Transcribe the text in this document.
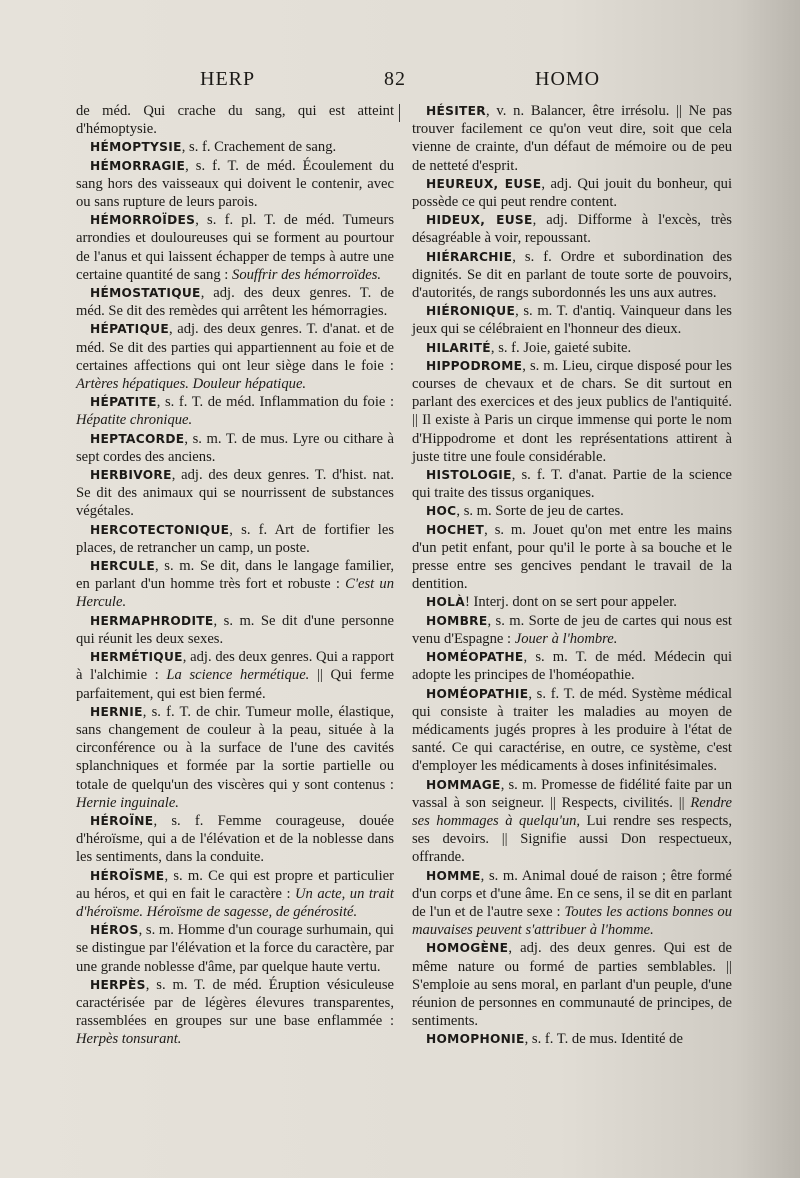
HERP	82	HOMO

de méd. Qui crache du sang, qui est atteint d'hémoptysie.

HÉMOPTYSIE, s. f. Crachement de sang.

HÉMORRAGIE, s. f. T. de méd. Écoulement du sang hors des vaisseaux qui doivent le contenir, avec ou sans rupture de leurs parois.

HÉMORROÏDES, s. f. pl. T. de méd. Tumeurs arrondies et douloureuses qui se forment au pourtour de l'anus et qui laissent échapper de temps à autre une certaine quantité de sang : Souffrir des hémorroïdes.

HÉMOSTATIQUE, adj. des deux genres. T. de méd. Se dit des remèdes qui arrêtent les hémorragies.

HÉPATIQUE, adj. des deux genres. T. d'anat. et de méd. Se dit des parties qui appartiennent au foie et de certaines affections qui ont leur siège dans le foie : Artères hépatiques. Douleur hépatique.

HÉPATITE, s. f. T. de méd. Inflammation du foie : Hépatite chronique.

HEPTACORDE, s. m. T. de mus. Lyre ou cithare à sept cordes des anciens.

HERBIVORE, adj. des deux genres. T. d'hist. nat. Se dit des animaux qui se nourrissent de substances végétales.

HERCOTECTONIQUE, s. f. Art de fortifier les places, de retrancher un camp, un poste.

HERCULE, s. m. Se dit, dans le langage familier, en parlant d'un homme très fort et robuste : C'est un Hercule.

HERMAPHRODITE, s. m. Se dit d'une personne qui réunit les deux sexes.

HERMÉTIQUE, adj. des deux genres. Qui a rapport à l'alchimie : La science hermétique. || Qui ferme parfaitement, qui est bien fermé.

HERNIE, s. f. T. de chir. Tumeur molle, élastique, sans changement de couleur à la peau, située à la circonférence ou à la surface de l'une des cavités splanchniques et formée par la sortie partielle ou totale de quelqu'un des viscères qui y sont contenus : Hernie inguinale.

HÉROÏNE, s. f. Femme courageuse, douée d'héroïsme, qui a de l'élévation et de la noblesse dans les sentiments, dans la conduite.

HÉROÏSME, s. m. Ce qui est propre et particulier au héros, et qui en fait le caractère : Un acte, un trait d'héroïsme. Héroïsme de sagesse, de générosité.

HÉROS, s. m. Homme d'un courage surhumain, qui se distingue par l'élévation et la force du caractère, par une grande noblesse d'âme, par quelque haute vertu.

HERPÈS, s. m. T. de méd. Éruption vésiculeuse caractérisée par de légères élevures transparentes, rassemblées en groupes sur une base enflammée : Herpès tonsurant.

HÉSITER, v. n. Balancer, être irrésolu. || Ne pas trouver facilement ce qu'on veut dire, soit que cela vienne de crainte, d'un défaut de mémoire ou de peu de netteté d'esprit.

HEUREUX, EUSE, adj. Qui jouit du bonheur, qui possède ce qui peut rendre content.

HIDEUX, EUSE, adj. Difforme à l'excès, très désagréable à voir, repoussant.

HIÉRARCHIE, s. f. Ordre et subordination des dignités. Se dit en parlant de toute sorte de pouvoirs, d'autorités, de rangs subordonnés les uns aux autres.

HIÉRONIQUE, s. m. T. d'antiq. Vainqueur dans les jeux qui se célébraient en l'honneur des dieux.

HILARITÉ, s. f. Joie, gaieté subite.

HIPPODROME, s. m. Lieu, cirque disposé pour les courses de chevaux et de chars. Se dit surtout en parlant des exercices et des jeux publics de l'antiquité. || Il existe à Paris un cirque immense qui porte le nom d'Hippodrome et dont les représentations attirent à juste titre une foule considérable.

HISTOLOGIE, s. f. T. d'anat. Partie de la science qui traite des tissus organiques.

HOC, s. m. Sorte de jeu de cartes.

HOCHET, s. m. Jouet qu'on met entre les mains d'un petit enfant, pour qu'il le porte à sa bouche et le presse entre ses gencives pendant le travail de la dentition.

HOLÀ! Interj. dont on se sert pour appeler.

HOMBRE, s. m. Sorte de jeu de cartes qui nous est venu d'Espagne : Jouer à l'hombre.

HOMÉOPATHE, s. m. T. de méd. Médecin qui adopte les principes de l'homéopathie.

HOMÉOPATHIE, s. f. T. de méd. Système médical qui consiste à traiter les maladies au moyen de médicaments jugés propres à les produire à l'état de santé. Ce qui caractérise, en outre, ce système, c'est d'employer les médicaments à doses infinitésimales.

HOMMAGE, s. m. Promesse de fidélité faite par un vassal à son seigneur. || Respects, civilités. || Rendre ses hommages à quelqu'un, Lui rendre ses respects, ses devoirs. || Signifie aussi Don respectueux, offrande.

HOMME, s. m. Animal doué de raison ; être formé d'un corps et d'une âme. En ce sens, il se dit en parlant de l'un et de l'autre sexe : Toutes les actions bonnes ou mauvaises peuvent s'attribuer à l'homme.

HOMOGÈNE, adj. des deux genres. Qui est de même nature ou formé de parties semblables. || S'emploie au sens moral, en parlant d'un peuple, d'une réunion de personnes en communauté de principes, de sentiments.

HOMOPHONIE, s. f. T. de mus. Identité de
